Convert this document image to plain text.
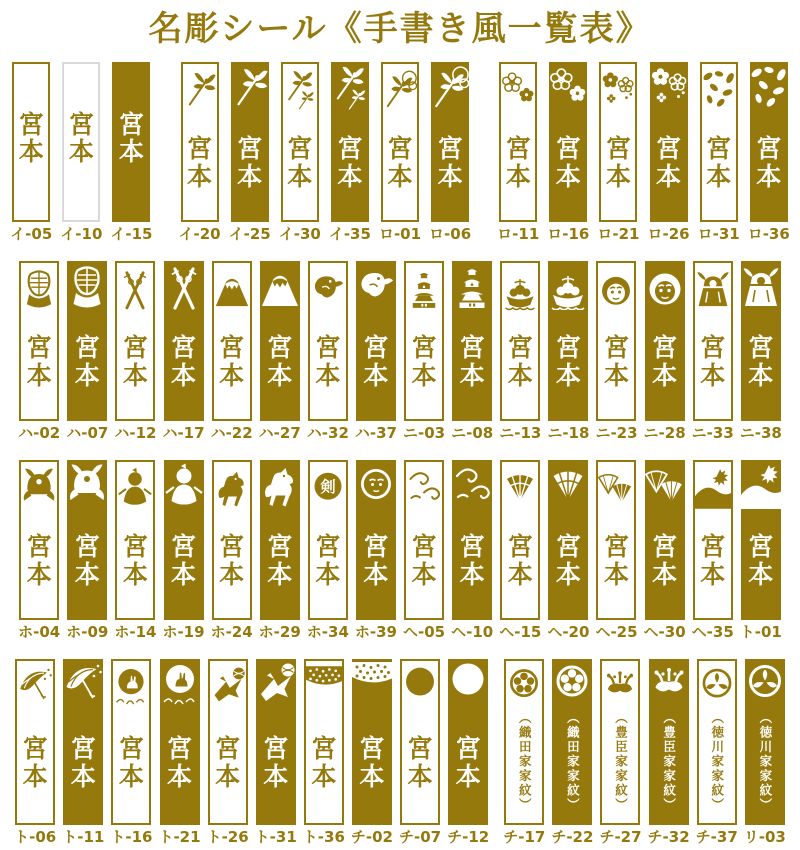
名彫シール《手書き風一覧表》
宮
本
イ-05
宮
本
イ-10
宮
本
イ-15
宮
本
イ-20
宮
本
イ-25
宮
本
イ-30
宮
本
イ-35
宮
本
ロ-01
宮
本
ロ-06
宮
本
ロ-11
宮
本
ロ-16
宮
本
ロ-21
宮
本
ロ-26
宮
本
ロ-31
宮
本
ロ-36
宮
本
ハ-02
宮
本
ハ-07
宮
本
ハ-12
宮
本
ハ-17
宮
本
ハ-22
宮
本
ハ-27
宮
本
ハ-32
宮
本
ハ-37
宮
本
ニ-03
宮
本
ニ-08
宮
本
ニ-13
宮
本
ニ-18
宮
本
ニ-23
宮
本
ニ-28
宮
本
ニ-33
宮
本
ニ-38
宮
本
ホ-04
宮
本
ホ-09
宮
本
ホ-14
宮
本
ホ-19
宮
本
ホ-24
宮
本
ホ-29
剣
宮
本
ホ-34
宮
本
ホ-39
宮
本
ヘ-05
宮
本
ヘ-10
宮
本
ヘ-15
宮
本
ヘ-20
宮
本
ヘ-25
宮
本
ヘ-30
宮
本
ヘ-35
宮
本
ト-01
宮
本
ト-06
宮
本
ト-11
宮
本
ト-16
宮
本
ト-21
宮
本
ト-26
宮
本
ト-31
宮
本
ト-36
宮
本
チ-02
宮
本
チ-07
宮
本
チ-12
（織田家家紋）
チ-17
（織田家家紋）
チ-22
（豊臣家家紋）
チ-27
（豊臣家家紋）
チ-32
（徳川家家紋）
チ-37
（徳川家家紋）
リ-03
